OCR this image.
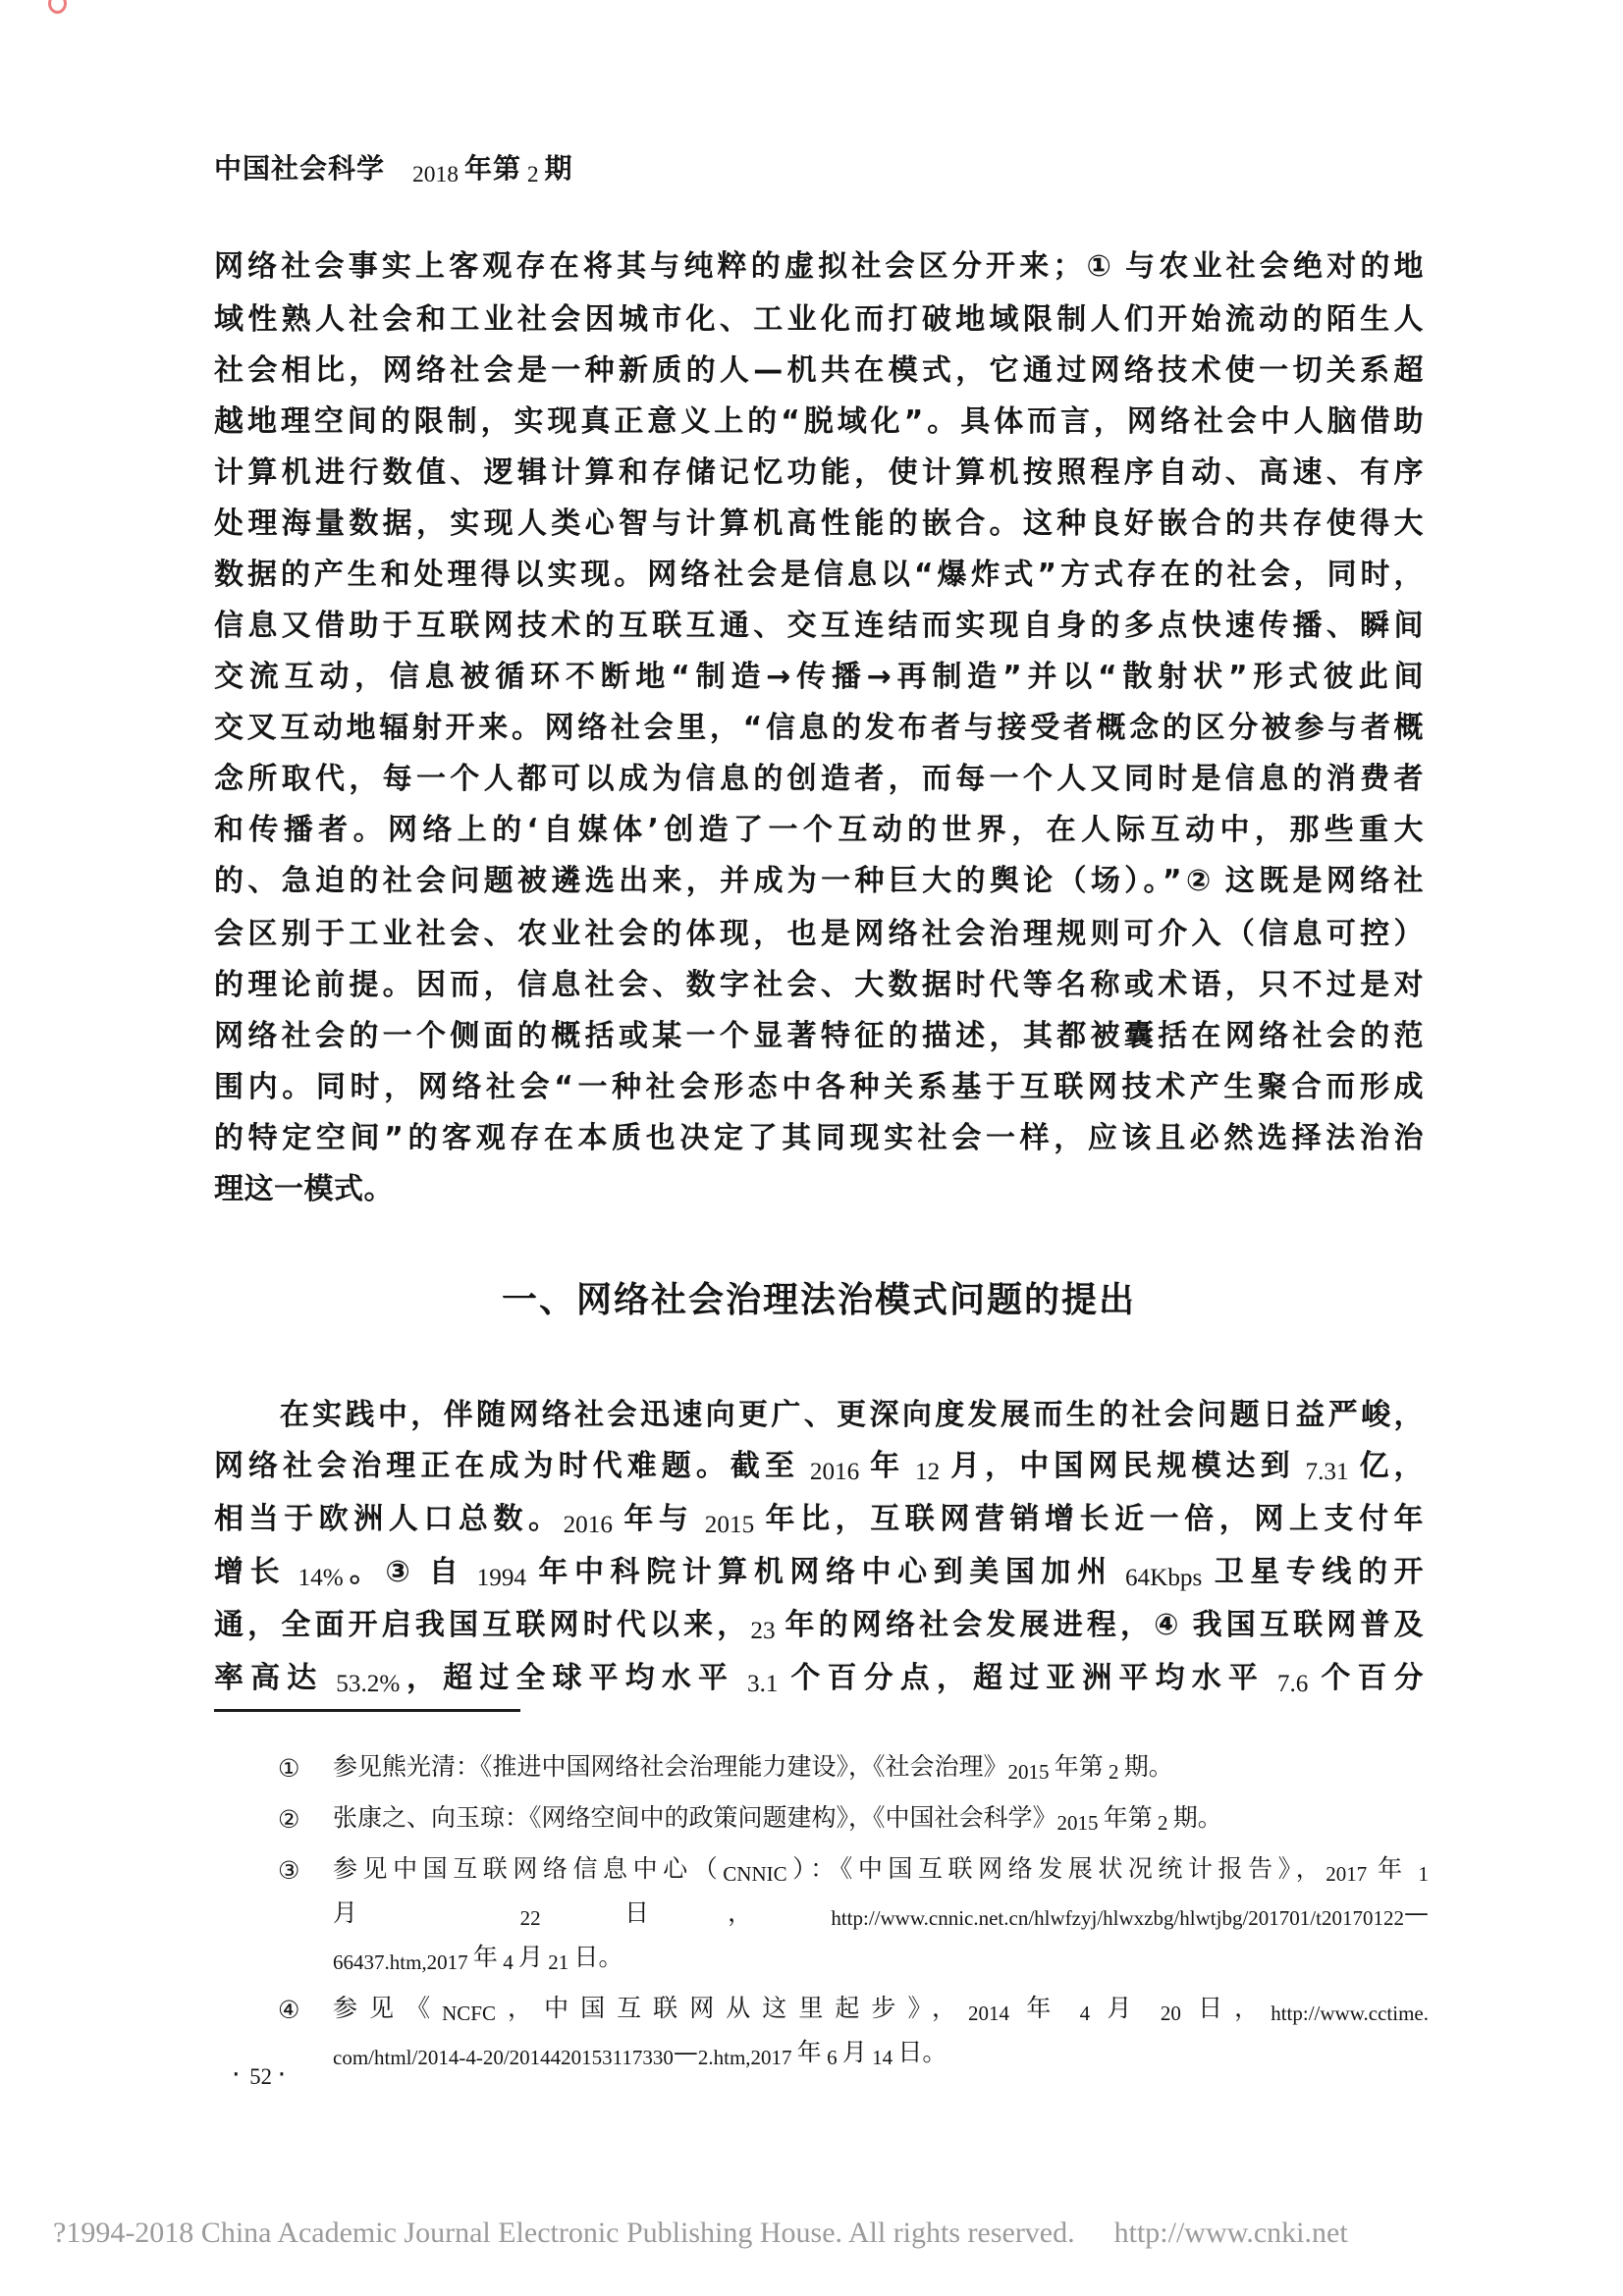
中国社会科学 2018 年第 2 期
网络社会事实上客观存在将其与纯粹的虚拟社会区分开来；① 与农业社会绝对的地
域性熟人社会和工业社会因城市化、工业化而打破地域限制人们开始流动的陌生人
社会相比，网络社会是一种新质的人—机共在模式，它通过网络技术使一切关系超
越地理空间的限制，实现真正意义上的“脱域化”。具体而言，网络社会中人脑借助
计算机进行数值、逻辑计算和存储记忆功能，使计算机按照程序自动、高速、有序
处理海量数据，实现人类心智与计算机高性能的嵌合。这种良好嵌合的共存使得大
数据的产生和处理得以实现。网络社会是信息以“爆炸式”方式存在的社会，同时，
信息又借助于互联网技术的互联互通、交互连结而实现自身的多点快速传播、瞬间
交流互动，信息被循环不断地“制造→传播→再制造”并以“散射状”形式彼此间
交叉互动地辐射开来。网络社会里，“信息的发布者与接受者概念的区分被参与者概
念所取代，每一个人都可以成为信息的创造者，而每一个人又同时是信息的消费者
和传播者。网络上的‘自媒体’创造了一个互动的世界，在人际互动中，那些重大
的、急迫的社会问题被遴选出来，并成为一种巨大的舆论（场）。”② 这既是网络社
会区别于工业社会、农业社会的体现，也是网络社会治理规则可介入（信息可控）
的理论前提。因而，信息社会、数字社会、大数据时代等名称或术语，只不过是对
网络社会的一个侧面的概括或某一个显著特征的描述，其都被囊括在网络社会的范
围内。同时，网络社会“一种社会形态中各种关系基于互联网技术产生聚合而形成
的特定空间”的客观存在本质也决定了其同现实社会一样，应该且必然选择法治治
理这一模式。
一、网络社会治理法治模式问题的提出
　　在实践中，伴随网络社会迅速向更广、更深向度发展而生的社会问题日益严峻，
网络社会治理正在成为时代难题。截至 2016 年 12 月，中国网民规模达到 7.31 亿，
相当于欧洲人口总数。2016 年与 2015 年比，互联网营销增长近一倍，网上支付年
增长 14%。③ 自 1994 年中科院计算机网络中心到美国加州 64Kbps 卫星专线的开
通，全面开启我国互联网时代以来，23 年的网络社会发展进程，④ 我国互联网普及
率高达 53.2%，超过全球平均水平 3.1 个百分点，超过亚洲平均水平 7.6 个百分
①	参见熊光清：《推进中国网络社会治理能力建设》，《社会治理》2015 年第 2 期。
②	张康之、向玉琼：《网络空间中的政策问题建构》，《中国社会科学》2015 年第 2 期。
③	参见中国互联网络信息中心（CNNIC）：《中国互联网络发展状况统计报告》，2017 年 1
月 22 日，http://www.cnnic.net.cn/hlwfzyj/hlwxzbg/hlwtjbg/201701/t20170122—
66437.htm,2017 年 4 月 21 日。
④	参见《NCFC，中国互联网从这里起步》，2014 年 4 月 20 日，http://www.cctime.
com/html/2014-4-20/2014420153117330—2.htm,2017 年 6 月 14 日。
· 52 ·
?1994-2018 China Academic Journal Electronic Publishing House. All rights reserved. http://www.cnki.net
